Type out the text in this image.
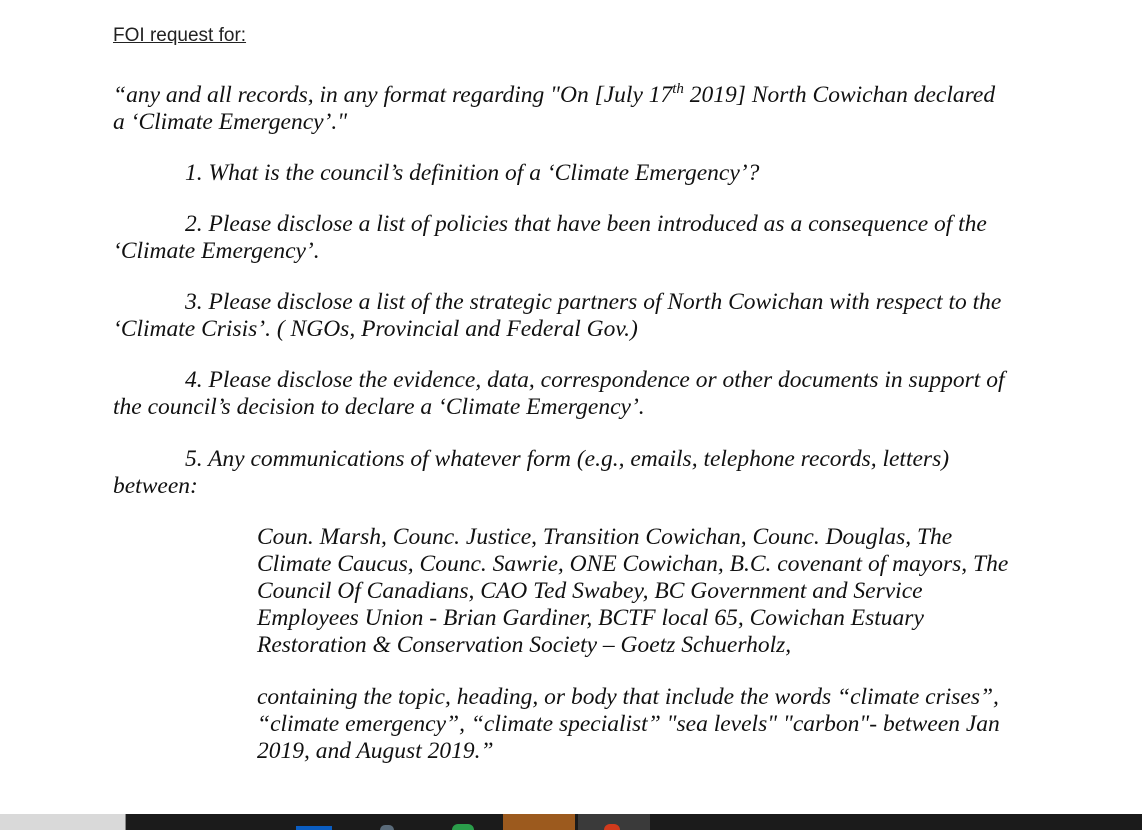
FOI request for:

“any and all records, in any format regarding "On [July 17th 2019] North Cowichan declared

a ‘Climate Emergency’."

1. What is the council’s definition of a ‘Climate Emergency’?

2. Please disclose a list of policies that have been introduced as a consequence of the

‘Climate Emergency’.

3. Please disclose a list of the strategic partners of North Cowichan with respect to the

‘Climate Crisis’. ( NGOs, Provincial and Federal Gov.)

4. Please disclose the evidence, data, correspondence or other documents in support of

the council’s decision to declare a ‘Climate Emergency’.

5. Any communications of whatever form (e.g., emails, telephone records, letters)

between:

Coun. Marsh, Counc. Justice, Transition Cowichan, Counc. Douglas, The

Climate Caucus, Counc. Sawrie, ONE Cowichan, B.C. covenant of mayors, The

Council Of Canadians, CAO Ted Swabey, BC Government and Service

Employees Union - Brian Gardiner, BCTF local 65, Cowichan Estuary

Restoration & Conservation Society – Goetz Schuerholz,

containing the topic, heading, or body that include the words “climate crises”,

“climate emergency”, “climate specialist” "sea levels" "carbon"- between Jan

2019, and August 2019.”
